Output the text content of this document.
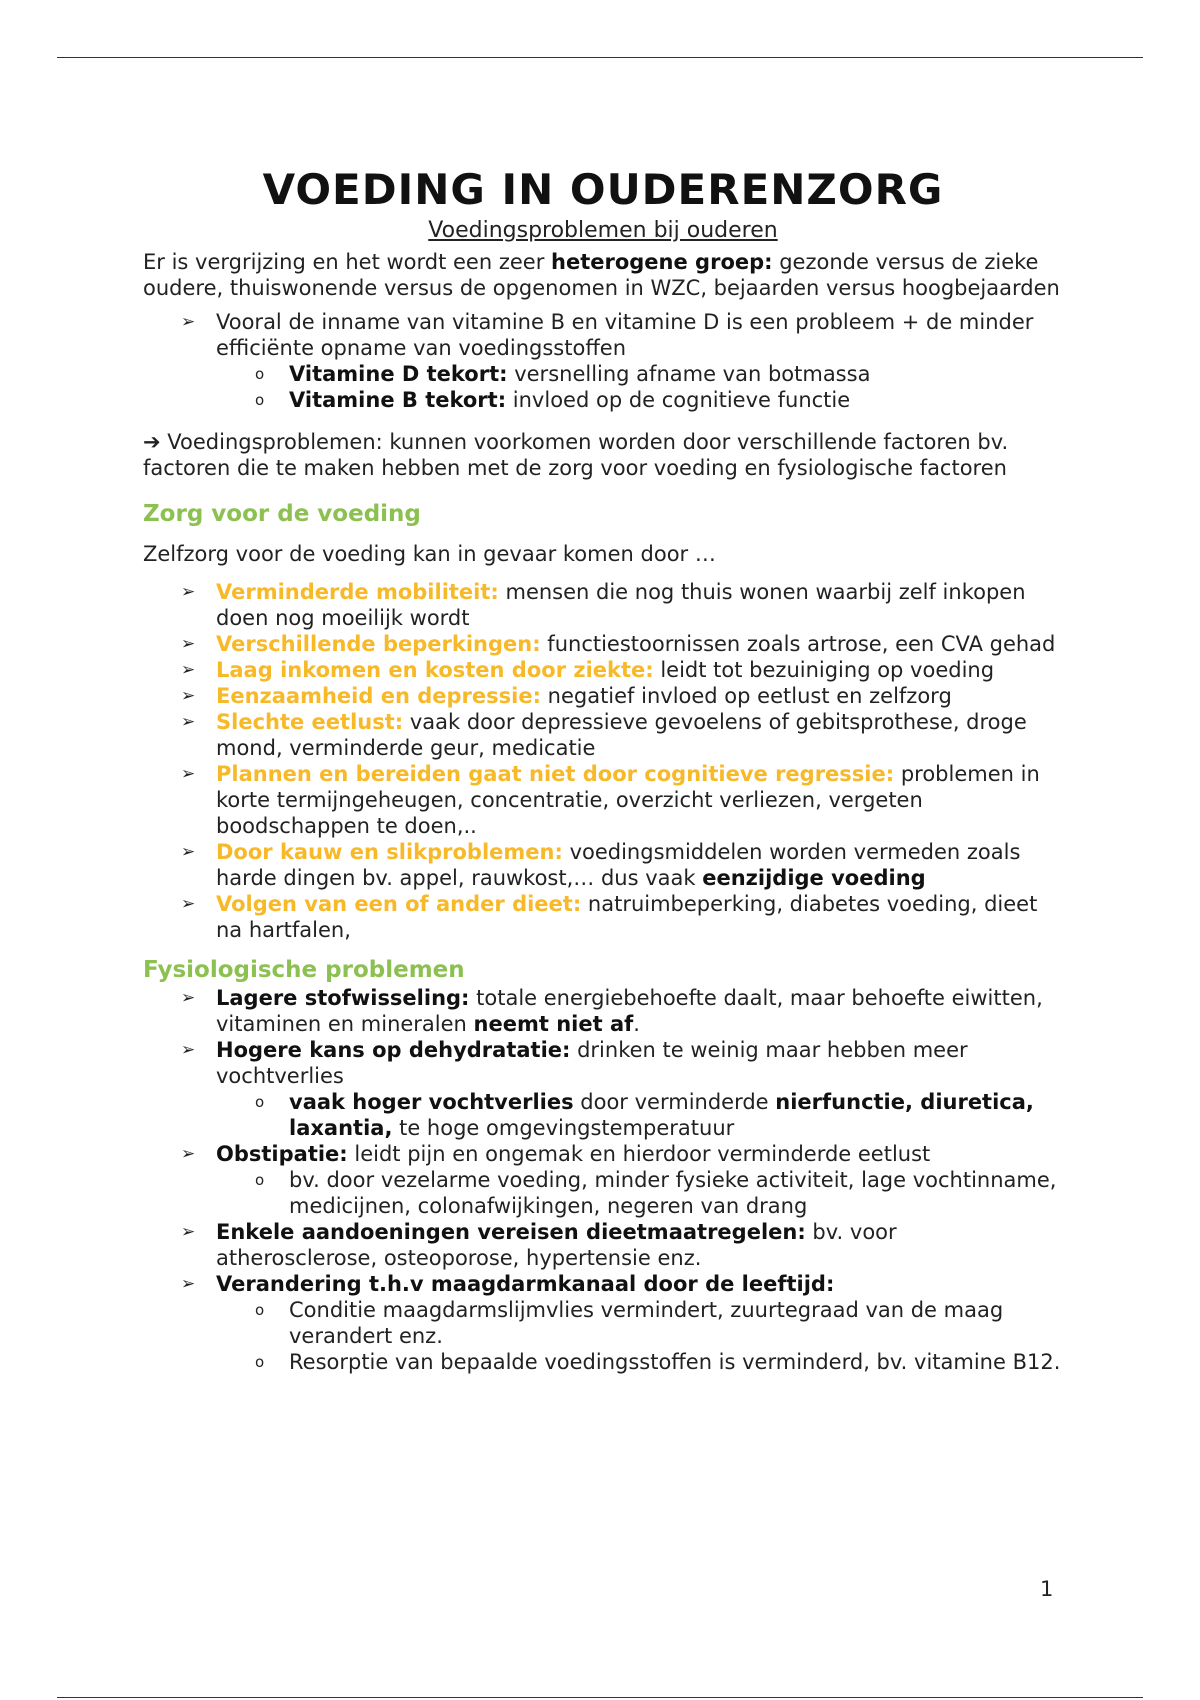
VOEDING IN OUDERENZORG
Voedingsproblemen bij ouderen

Er is vergrijzing en het wordt een zeer heterogene groep: gezonde versus de zieke oudere, thuiswonende versus de opgenomen in WZC, bejaarden versus hoogbejaarden

➢ Vooral de inname van vitamine B en vitamine D is een probleem + de minder efficiënte opname van voedingsstoffen
o Vitamine D tekort: versnelling afname van botmassa
o Vitamine B tekort: invloed op de cognitieve functie

➔ Voedingsproblemen: kunnen voorkomen worden door verschillende factoren bv. factoren die te maken hebben met de zorg voor voeding en fysiologische factoren

Zorg voor de voeding

Zelfzorg voor de voeding kan in gevaar komen door …

➢ Verminderde mobiliteit: mensen die nog thuis wonen waarbij zelf inkopen doen nog moeilijk wordt
➢ Verschillende beperkingen: functiestoornissen zoals artrose, een CVA gehad
➢ Laag inkomen en kosten door ziekte: leidt tot bezuiniging op voeding
➢ Eenzaamheid en depressie: negatief invloed op eetlust en zelfzorg
➢ Slechte eetlust: vaak door depressieve gevoelens of gebitsprothese, droge mond, verminderde geur, medicatie
➢ Plannen en bereiden gaat niet door cognitieve regressie: problemen in korte termijngeheugen, concentratie, overzicht verliezen, vergeten boodschappen te doen,..
➢ Door kauw en slikproblemen: voedingsmiddelen worden vermeden zoals harde dingen bv. appel, rauwkost,… dus vaak eenzijdige voeding
➢ Volgen van een of ander dieet: natruimbeperking, diabetes voeding, dieet na hartfalen,
Fysiologische problemen
➢ Lagere stofwisseling: totale energiebehoefte daalt, maar behoefte eiwitten, vitaminen en mineralen neemt niet af.
➢ Hogere kans op dehydratatie: drinken te weinig maar hebben meer vochtverlies
o vaak hoger vochtverlies door verminderde nierfunctie, diuretica, laxantia, te hoge omgevingstemperatuur
➢ Obstipatie: leidt pijn en ongemak en hierdoor verminderde eetlust
o bv. door vezelarme voeding, minder fysieke activiteit, lage vochtinname, medicijnen, colonafwijkingen, negeren van drang
➢ Enkele aandoeningen vereisen dieetmaatregelen: bv. voor atherosclerose, osteoporose, hypertensie enz.
➢ Verandering t.h.v maagdarmkanaal door de leeftijd:
o Conditie maagdarmslijmvlies vermindert, zuurtegraad van de maag verandert enz.
o Resorptie van bepaalde voedingsstoffen is verminderd, bv. vitamine B12.
1
